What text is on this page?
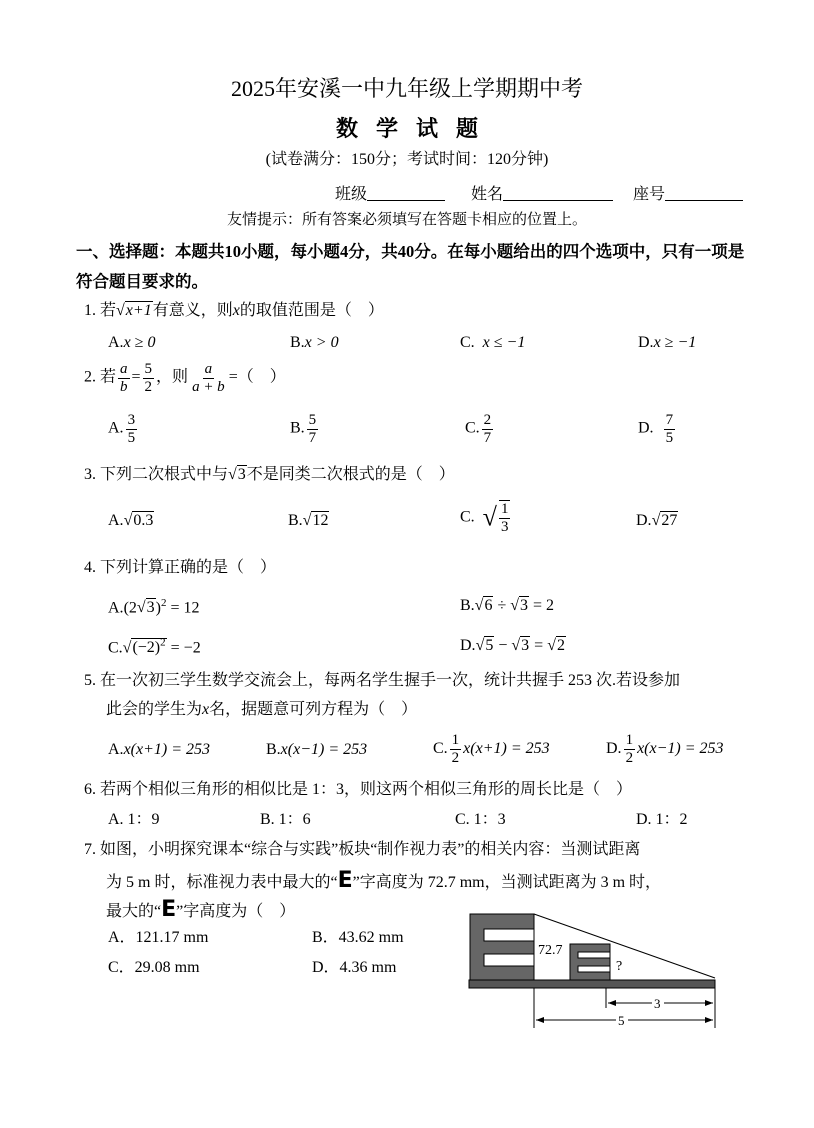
2025年安溪一中九年级上学期期中考
数学试题
(试卷满分：150分；考试时间：120分钟)
班级	姓名	座号
友情提示：所有答案必须填写在答题卡相应的位置上。
一、选择题：本题共10小题，每小题4分，共40分。在每小题给出的四个选项中，只有一项是符合题目要求的。
1. 若√x+1有意义，则x的取值范围是（　）
A.x ≥ 0	B.x > 0	C. x ≤ −1	D.x ≥ −1
2. 若 $\frac{a}{b} = \frac{5}{2}$ ，则 $\frac{a}{a + b}$ =（　）
A. $\frac{3}{5}$	B. $\frac{5}{7}$	C. $\frac{2}{7}$	D. $\frac{7}{5}$
3. 下列二次根式中与√3不是同类二次根式的是（　）
A.√0.3	B.√12	C. √ $\frac{1}{3}$	D.√27
4. 下列计算正确的是（　）
$A.(2√3)^2 = 12$	B.√6 ÷ √3 = 2
$C.√(-2)^2 = -2$	D.√5 − √3 = √2
5. 在一次初三学生数学交流会上，每两名学生握手一次，统计共握手 253 次.若设参加
此会的学生为x名，据题意可列方程为（　）
A.x(x+1) = 253	B.x(x−1) = 253	C. $\frac{1}{2} x(x+1) = 253$	D. $\frac{1}{2} x(x-1) = 253$
6. 若两个相似三角形的相似比是 1：3，则这两个相似三角形的周长比是（　）
A. 1：9	B. 1：6	C. 1：3	D. 1：2
7. 如图，小明探究课本“综合与实践”板块“制作视力表”的相关内容：当测试距离
为 5 m 时，标准视力表中最大的“E”字高度为 72.7 mm，当测试距离为 3 m 时，
最大的“E”字高度为（　）
A．121.17 mm	B．43.62 mm
C．29.08 mm	D．4.36 mm
72.7
?
3
5
